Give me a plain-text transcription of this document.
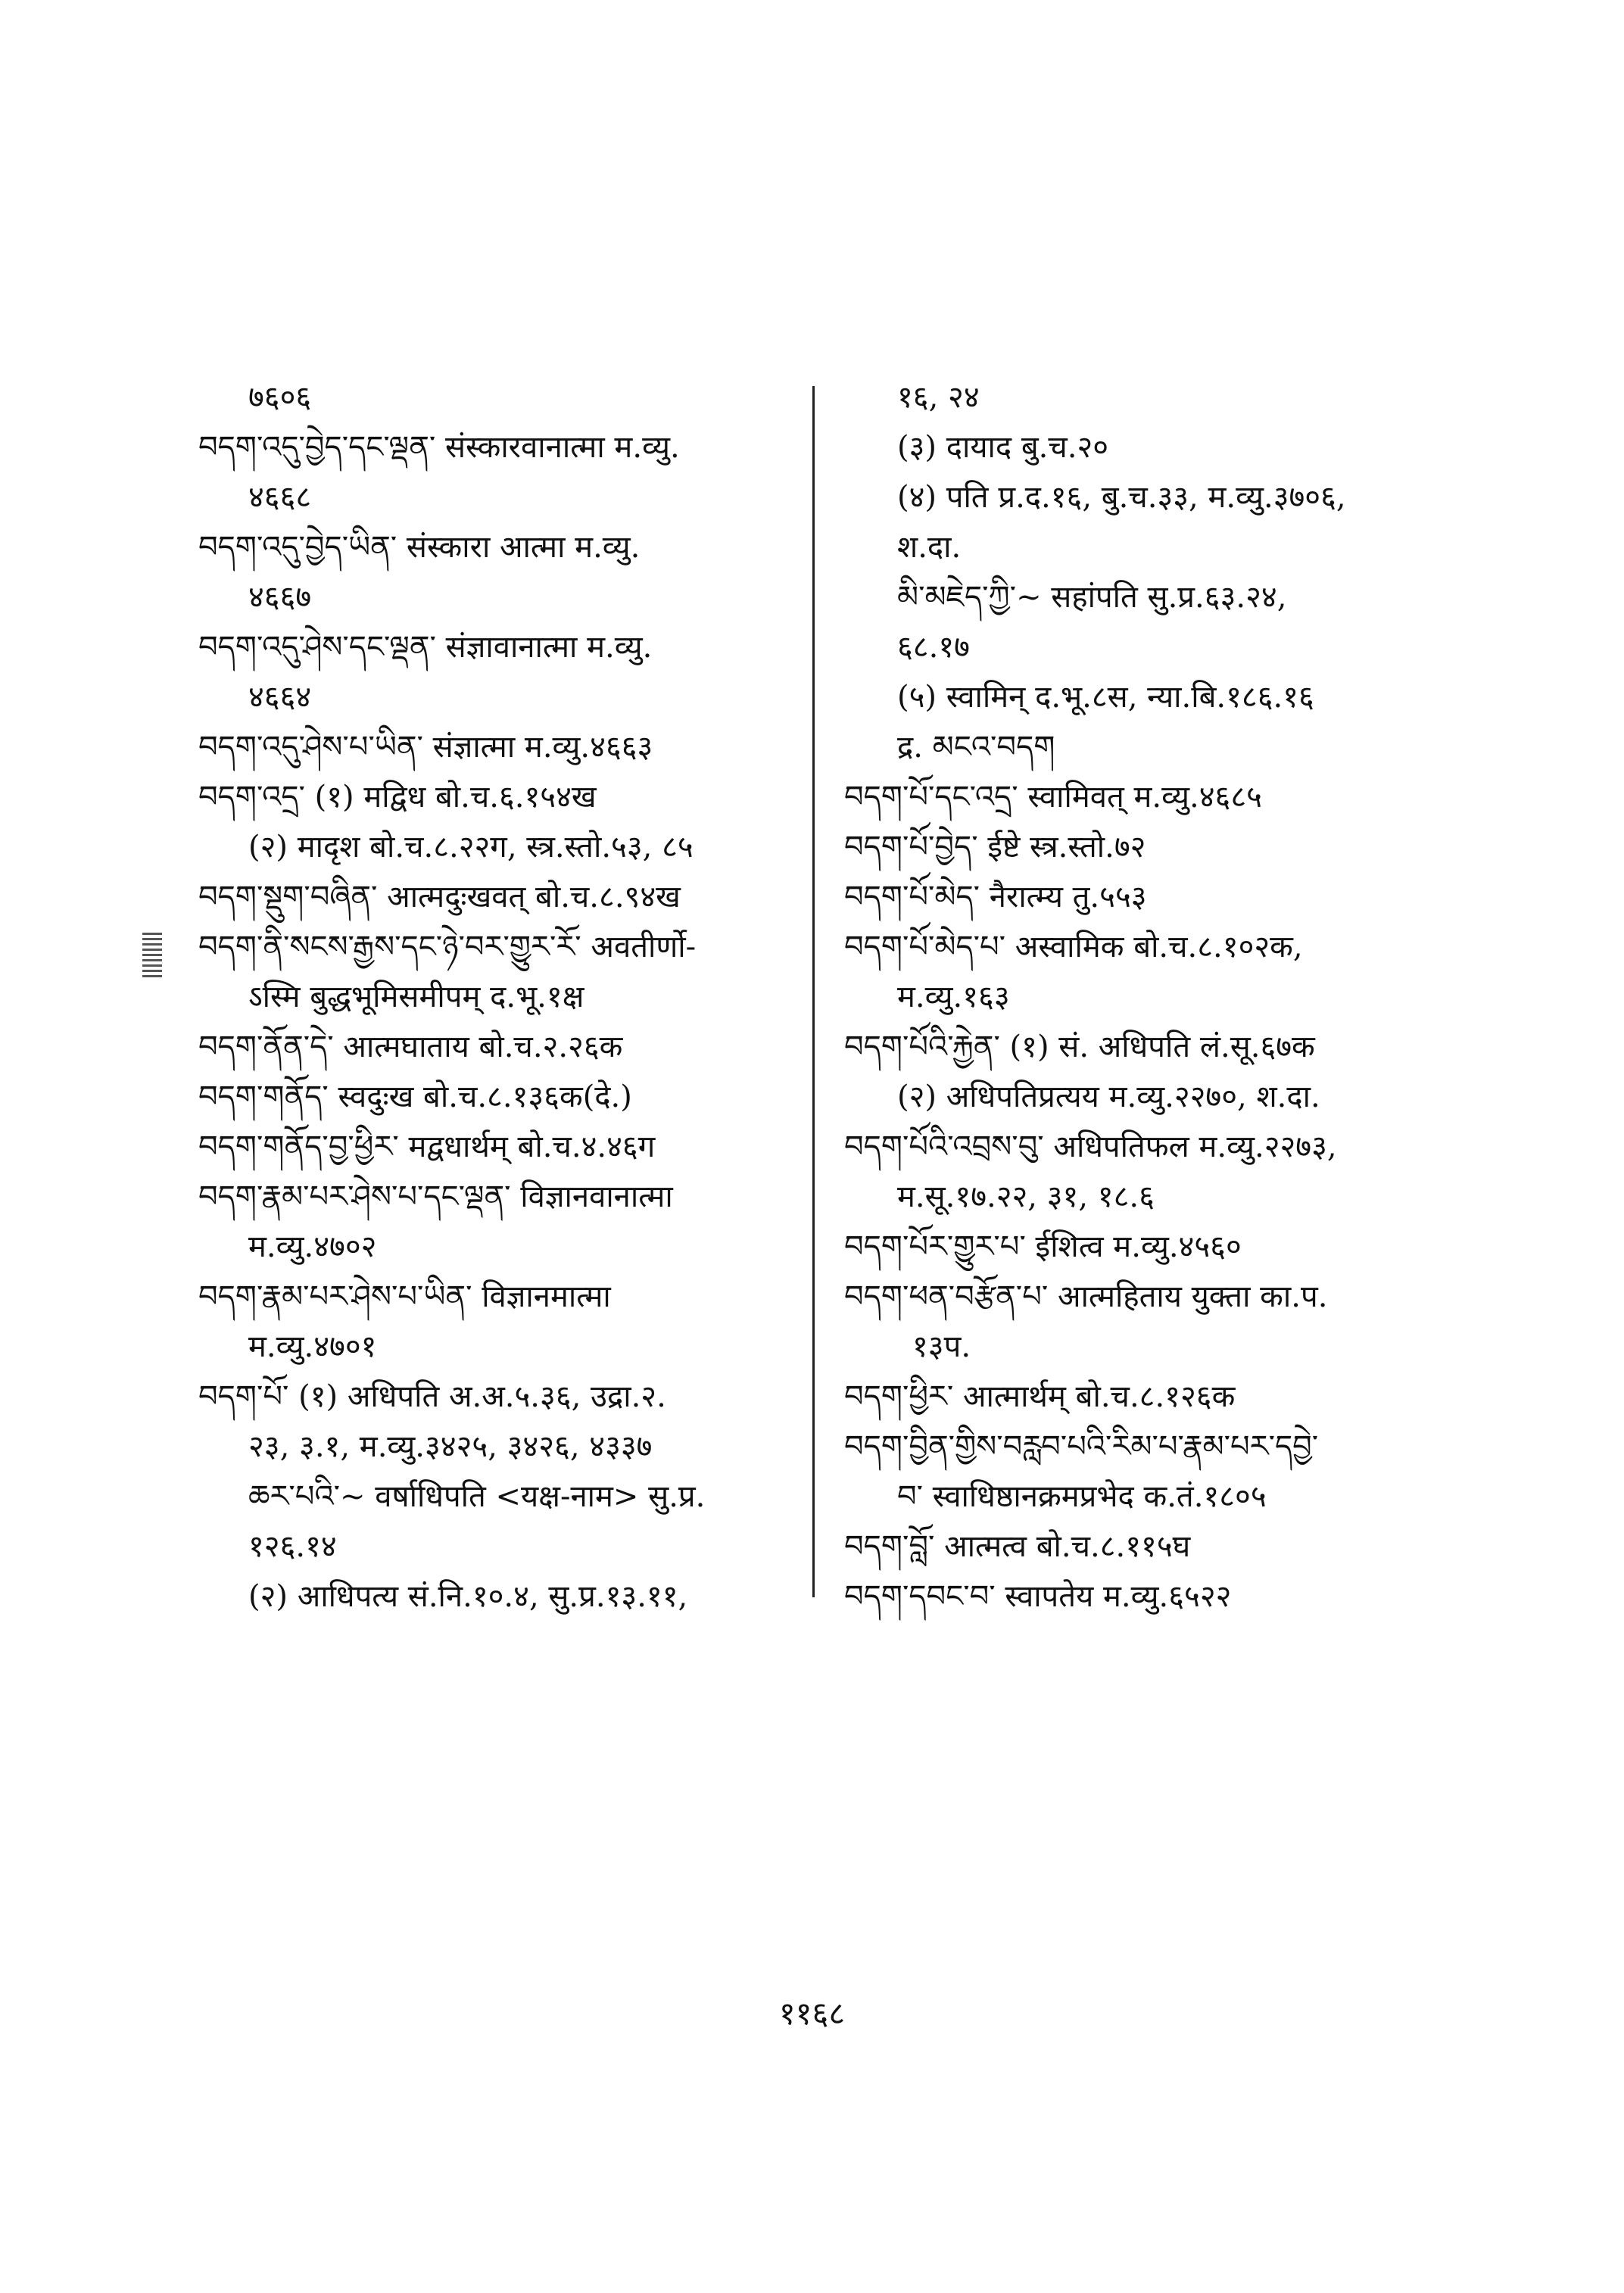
७६०६
བདག་འདུ་བྱེད་དང་ལྡན་ संस्कारवानात्मा म.व्यु.
४६६८
བདག་འདུ་བྱེད་ཡིན་ संस्कारा आत्मा म.व्यु.
४६६७
བདག་འདུ་ཤེས་དང་ལྡན་ संज्ञावानात्मा म.व्यु.
४६६४
བདག་འདུ་ཤེས་པ་ཡིན་ संज्ञात्मा म.व्यु.४६६३
བདག་འདྲ་ (१) मद्विध बो.च.६.१५४ख
(२) मादृश बो.च.८.२२ग, स्त्र.स्तो.५३, ८५
བདག་སྡུག་བཞིན་ आत्मदुःखवत् बो.च.८.९४ख
བདག་ནི་སངས་རྒྱས་དང་ཉེ་བར་གྱུར་རོ་ अवतीर्णो-
ऽस्मि बुद्धभूमिसमीपम् द.भू.१क्ष
བདག་ནོན་དེ་ आत्मघाताय बो.च.२.२६क
བདག་གནོད་ स्वदुःख बो.च.८.१३६क(दे.)
བདག་གནོད་བྱ་ཕྱིར་ मद्वधार्थम् बो.च.४.४६ग
བདག་རྣམ་པར་ཤེས་པ་དང་ལྡན་ विज्ञानवानात्मा
म.व्यु.४७०२
བདག་རྣམ་པར་ཤེས་པ་ཡིན་ विज्ञानमात्मा
म.व्यु.४७०१
བདག་པོ་ (१) अधिपति अ.अ.५.३६, उद्रा.२.
२३, ३.१, म.व्यु.३४२५, ३४२६, ४३३७
ཆར་པའི་~ वर्षाधिपति <यक्ष-नाम> सु.प्र.
१२६.१४
(२) आधिपत्य सं.नि.१०.४, सु.प्र.१३.११,
१६, २४
(३) दायाद बु.च.२०
(४) पति प्र.द.१६, बु.च.३३, म.व्यु.३७०६,
श.दा.
མི་མཇེད་ཀྱི་~ सहांपति सु.प्र.६३.२४,
६८.१७
(५) स्वामिन् द.भू.८स, न्या.बि.१८६.१६
द्र. མངའ་བདག
བདག་པོ་དང་འདྲ་ स्वामिवत् म.व्यु.४६८५
བདག་པོ་བྱེད་ ईष्टे स्त्र.स्तो.७२
བདག་པོ་མེད་ नैरात्म्य तु.५५३
བདག་པོ་མེད་པ་ अस्वामिक बो.च.८.१०२क,
म.व्यु.१६३
བདག་པོའི་རྐྱེན་ (१) सं. अधिपति लं.सू.६७क
(२) अधिपतिप्रत्यय म.व्यु.२२७०, श.दा.
བདག་པོའི་འབྲས་བུ་ अधिपतिफल म.व्यु.२२७३,
म.सू.१७.२२, ३१, १८.६
བདག་པོར་གྱུར་པ་ ईशित्व म.व्यु.४५६०
བདག་ཕན་བརྩོན་པ་ आत्महिताय युक्ता का.प.
१३प.
བདག་ཕྱིར་ आत्मार्थम् बो.च.८.१२६क
བདག་བྱིན་གྱིས་བརླབ་པའི་རིམ་པ་རྣམ་པར་དབྱེ་
བ་ स्वाधिष्ठानक्रमप्रभेद क.तं.१८०५
བདག་བློ་ आत्मत्व बो.च.८.११५घ
བདག་དབང་བ་ स्वापतेय म.व्यु.६५२२
११६८
